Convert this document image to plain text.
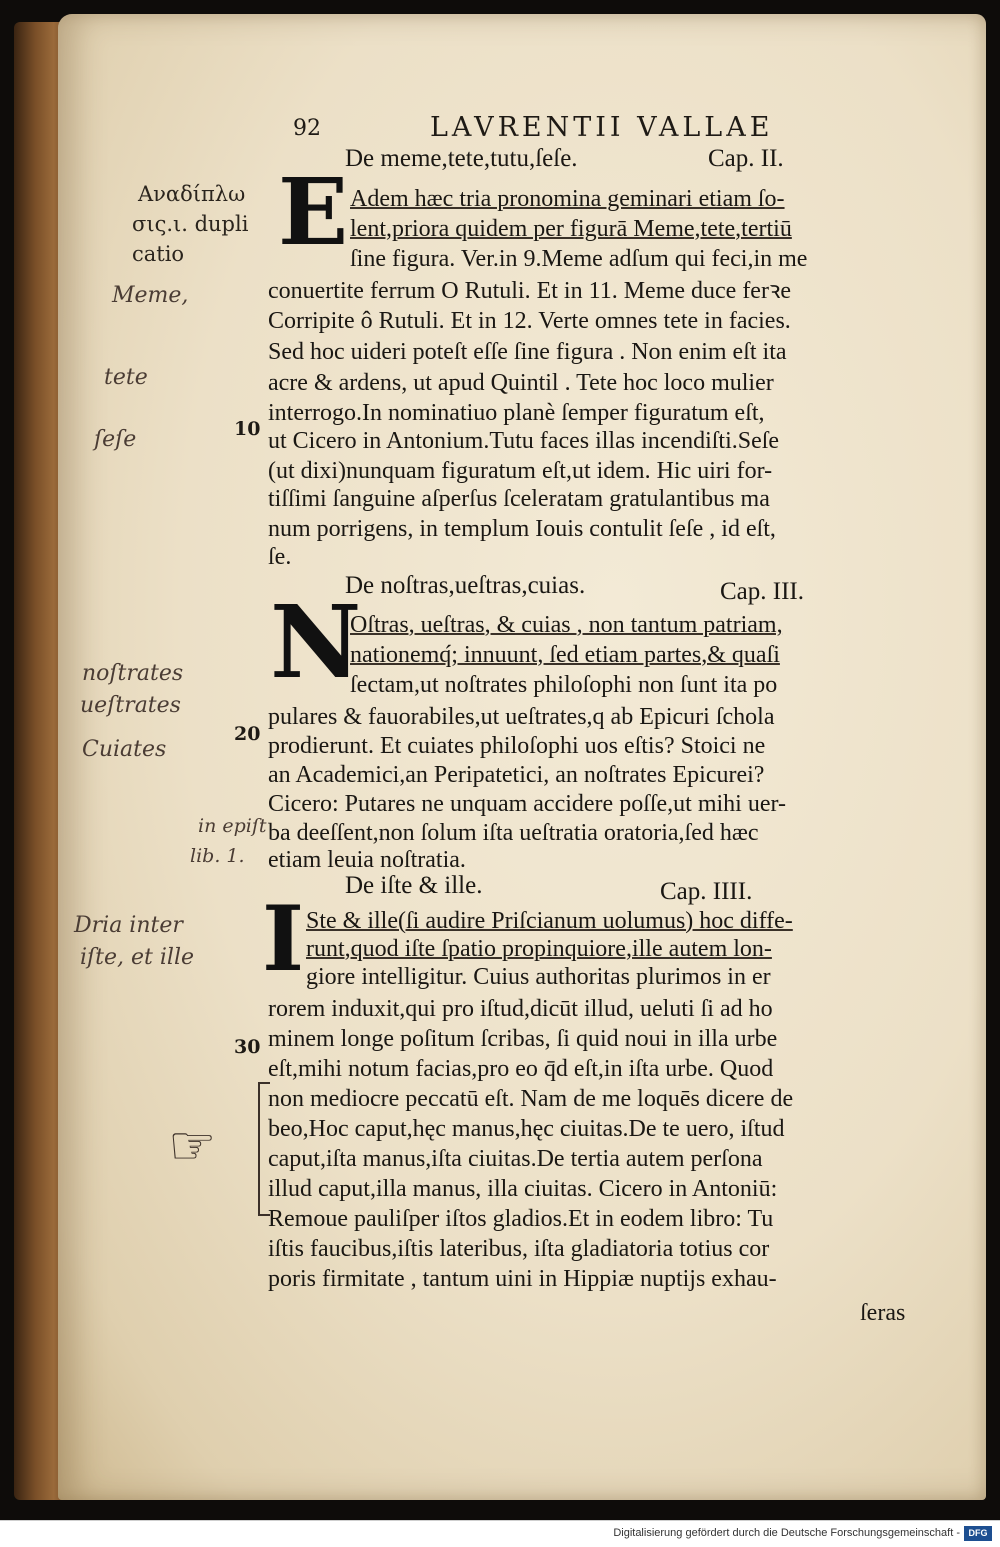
92	LAVRENTII VALLAE
De meme,tete,tutu,ſeſe.	Cap. II.
E Adem hæc tria pronomina geminari etiam ſo-
lent,priora quidem per figurā Meme,tete,tertiū
ſine figura. Ver.in 9.Meme adſum qui feci,in me
conuertite ferrum O Rutuli. Et in 11. Meme duce ferꝛe
Corripite ô Rutuli. Et in 12. Verte omnes tete in facies.
Sed hoc uideri poteſt eſſe ſine figura . Non enim eſt ita
acre & ardens, ut apud Quintil . Tete hoc loco mulier
interrogo.In nominatiuo planè ſemper figuratum eſt,
ut Cicero in Antonium.Tutu faces illas incendiſti.Seſe
(ut dixi)nunquam figuratum eſt,ut idem. Hic uiri for-
tiſſimi ſanguine aſperſus ſceleratam gratulantibus ma
num porrigens, in templum Iouis contulit ſeſe , id eſt,
ſe.
De noſtras,ueſtras,cuias.	Cap. III.
N
Oſtras, ueſtras, & cuias , non tantum patriam,
nationemq́; innuunt, ſed etiam partes,& quaſi
ſectam,ut noſtrates philoſophi non ſunt ita po
pulares & fauorabiles,ut ueſtrates,q ab Epicuri ſchola
prodierunt. Et cuiates philoſophi uos eſtis? Stoici ne
an Academici,an Peripatetici, an noſtrates Epicurei?
Cicero: Putares ne unquam accidere poſſe,ut mihi uer-
ba deeſſent,non ſolum iſta ueſtratia oratoria,ſed hæc
etiam leuia noſtratia.
De iſte & ille.	Cap. IIII.
I Ste & ille(ſi audire Priſcianum uolumus) hoc diffe-
runt,quod iſte ſpatio propinquiore,ille autem lon-
giore intelligitur. Cuius authoritas plurimos in er
rorem induxit,qui pro iſtud,dicūt illud, ueluti ſi ad ho
minem longe poſitum ſcribas, ſi quid noui in illa urbe
eſt,mihi notum facias,pro eo q̄d eſt,in iſta urbe. Quod
non mediocre peccatū eſt. Nam de me loquēs dicere de
beo,Hoc caput,hęc manus,hęc ciuitas.De te uero, iſtud
caput,iſta manus,iſta ciuitas.De tertia autem perſona
illud caput,illa manus, illa ciuitas. Cicero in Antoniū:
Remoue pauliſper iſtos gladios.Et in eodem libro: Tu
iſtis faucibus,iſtis lateribus, iſta gladiatoria totius cor
poris firmitate , tantum uini in Hippiæ nuptijs exhau-
ſeras
10
20
30
Αναδίπλω
σις.ι. dupli
catio
Meme,
tete
ſeſe
noſtrates
ueſtrates
Cuiates
in epiſt
lib. 1.
Dria inter
iſte, et ille
☞
Digitalisierung gefördert durch die Deutsche Forschungsgemeinschaft - DFG
